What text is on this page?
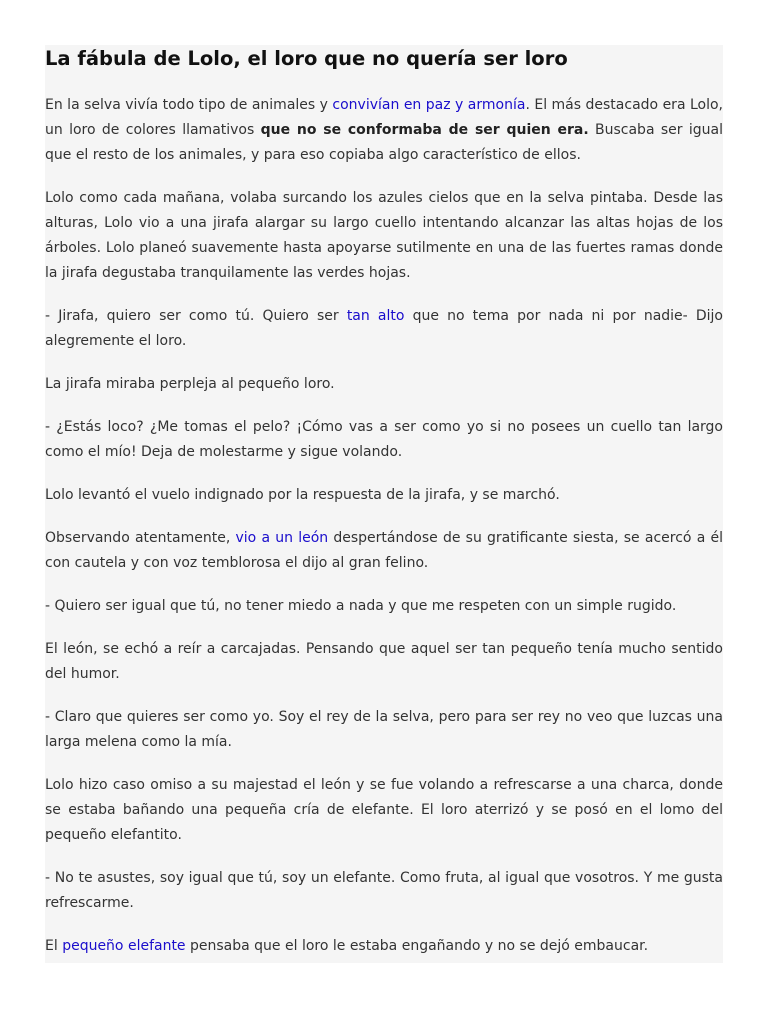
La fábula de Lolo, el loro que no quería ser loro

En la selva vivía todo tipo de animales y convivían en paz y armonía. El más destacado era Lolo, un loro de colores llamativos que no se conformaba de ser quien era. Buscaba ser igual que el resto de los animales, y para eso copiaba algo característico de ellos.

Lolo como cada mañana, volaba surcando los azules cielos que en la selva pintaba. Desde las alturas, Lolo vio a una jirafa alargar su largo cuello intentando alcanzar las altas hojas de los árboles. Lolo planeó suavemente hasta apoyarse sutilmente en una de las fuertes ramas donde la jirafa degustaba tranquilamente las verdes hojas.

- Jirafa, quiero ser como tú. Quiero ser tan alto que no tema por nada ni por nadie- Dijo alegremente el loro.

La jirafa miraba perpleja al pequeño loro.

- ¿Estás loco? ¿Me tomas el pelo? ¡Cómo vas a ser como yo si no posees un cuello tan largo como el mío! Deja de molestarme y sigue volando.

Lolo levantó el vuelo indignado por la respuesta de la jirafa, y se marchó.

Observando atentamente, vio a un león despertándose de su gratificante siesta, se acercó a él con cautela y con voz temblorosa el dijo al gran felino.

- Quiero ser igual que tú, no tener miedo a nada y que me respeten con un simple rugido.

El león, se echó a reír a carcajadas. Pensando que aquel ser tan pequeño tenía mucho sentido del humor.

- Claro que quieres ser como yo. Soy el rey de la selva, pero para ser rey no veo que luzcas una larga melena como la mía.

Lolo hizo caso omiso a su majestad el león y se fue volando a refrescarse a una charca, donde se estaba bañando una pequeña cría de elefante. El loro aterrizó y se posó en el lomo del pequeño elefantito.

- No te asustes, soy igual que tú, soy un elefante. Como fruta, al igual que vosotros. Y me gusta refrescarme.

El pequeño elefante pensaba que el loro le estaba engañando y no se dejó embaucar.
